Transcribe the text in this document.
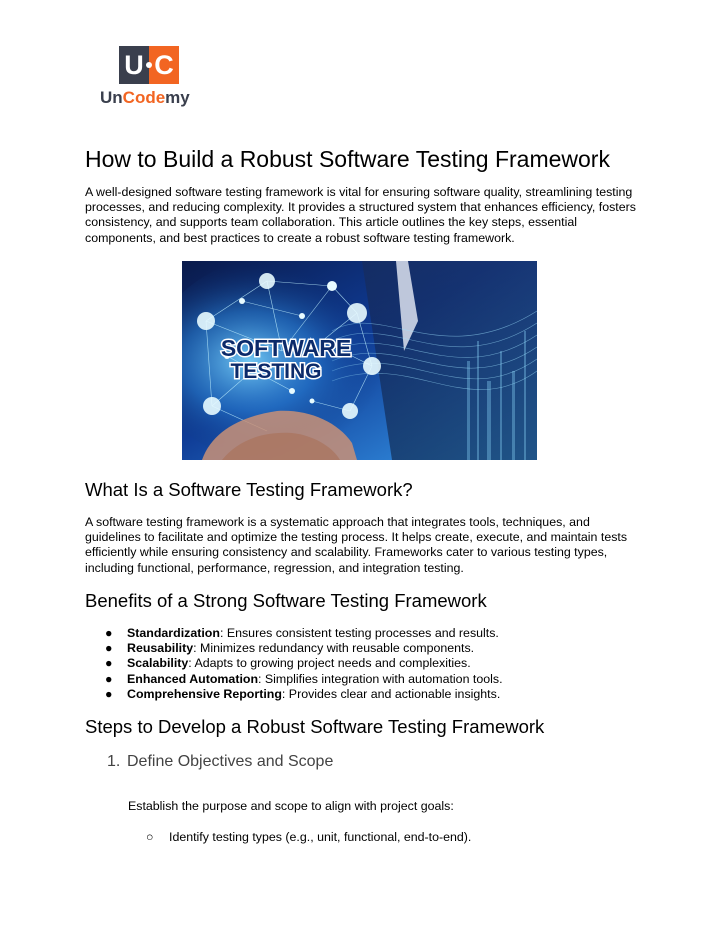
U C
UnCodemy
How to Build a Robust Software Testing Framework

A well-designed software testing framework is vital for ensuring software quality, streamlining testing processes, and reducing complexity. It provides a structured system that enhances efficiency, fosters consistency, and supports team collaboration. This article outlines the key steps, essential components, and best practices to create a robust software testing framework.

SOFTWARE
TESTING
What Is a Software Testing Framework?

A software testing framework is a systematic approach that integrates tools, techniques, and guidelines to facilitate and optimize the testing process. It helps create, execute, and maintain tests efficiently while ensuring consistency and scalability. Frameworks cater to various testing types, including functional, performance, regression, and integration testing.

Benefits of a Strong Software Testing Framework
● Standardization: Ensures consistent testing processes and results.
● Reusability: Minimizes redundancy with reusable components.
● Scalability: Adapts to growing project needs and complexities.
● Enhanced Automation: Simplifies integration with automation tools.
● Comprehensive Reporting: Provides clear and actionable insights.
Steps to Develop a Robust Software Testing Framework
1. Define Objectives and Scope
Establish the purpose and scope to align with project goals:
○ Identify testing types (e.g., unit, functional, end-to-end).
